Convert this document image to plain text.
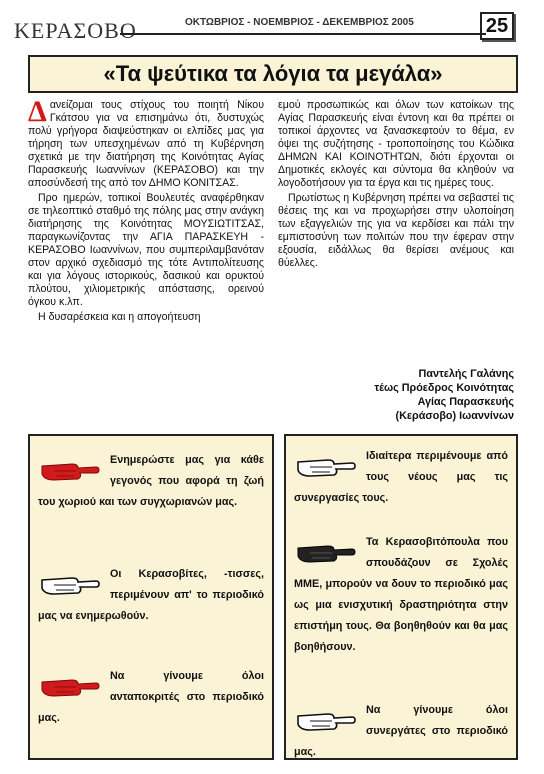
ΚΕΡΑΣΟΒΟ	ΟΚΤΩΒΡΙΟΣ - ΝΟΕΜΒΡΙΟΣ - ΔΕΚΕΜΒΡΙΟΣ 2005	25
«Τα ψεύτικα τα λόγια τα μεγάλα»

Δανείζομαι τους στίχους του ποιητή Νίκου Γκάτσου για να επισημάνω ότι, δυστυχώς πολύ γρήγορα διαψεύστηκαν οι ελπίδες μας για τήρηση των υπεσχημένων από τη Κυβέρνηση σχετικά με την διατήρηση της Κοινότητας Αγίας Παρασκευής Ιωαννίνων (ΚΕΡΑΣΟΒΟ) και την αποσύνδεσή της από τον ΔΗΜΟ ΚΟΝΙΤΣΑΣ.

Προ ημερών, τοπικοί Βουλευτές αναφέρθηκαν σε τηλεοπτικό σταθμό της πόλης μας στην ανάγκη διατήρησης της Κοινότητας ΜΟΥΣΙΩΤΙΤΣΑΣ, παραγκωνίζοντας την ΑΓΙΑ ΠΑΡΑΣΚΕΥΗ - ΚΕΡΑΣΟΒΟ Ιωαννίνων, που συμπεριλαμβανόταν στον αρχικό σχεδιασμό της τότε Αντιπολίτευσης και για λόγους ιστορικούς, δασικού και ορυκτού πλούτου, χιλιομετρικής απόστασης, ορεινού όγκου κ.λπ.

Η δυσαρέσκεια και η απογοήτευση

εμού προσωπικώς και όλων των κατοίκων της Αγίας Παρασκευής είναι έντονη και θα πρέπει οι τοπικοί άρχοντες να ξανασκεφτούν το θέμα, εν όψει της συζήτησης - τροποποίησης του Κώδικα ΔΗΜΩΝ ΚΑΙ ΚΟΙΝΟΤΗΤΩΝ, διότι έρχονται οι Δημοτικές εκλογές και σύντομα θα κληθούν να λογοδοτήσουν για τα έργα και τις ημέρες τους.

Πρωτίστως η Κυβέρνηση πρέπει να σεβαστεί τις θέσεις της και να προχωρήσει στην υλοποίηση των εξαγγελιών της για να κερδίσει και πάλι την εμπιστοσύνη των πολιτών που την έφεραν στην εξουσία, ειδάλλως θα θερίσει ανέμους και θύελλες.

Παντελής Γαλάνης
τέως Πρόεδρος Κοινότητας
Αγίας Παρασκευής
(Κεράσοβο) Ιωαννίνων
Ενημερώστε μας για κάθε γεγονός που αφορά τη ζωή του χωριού και των συγχωριανών μας.
Οι Κερασοβίτες, -τισσες, περιμένουν απ' το περιοδικό μας να ενημερωθούν.
Να γίνουμε όλοι ανταποκριτές στο περιοδικό μας.
Ιδιαίτερα περιμένουμε από τους νέους μας τις συνεργασίες τους.
Τα Κερασοβιτόπουλα που σπουδάζουν σε Σχολές ΜΜΕ, μπορούν να δουν το περιοδικό μας ως μια ενισχυτική δραστηριότητα στην επιστήμη τους. Θα βοηθηθούν και θα μας βοηθήσουν.
Να γίνουμε όλοι συνεργάτες στο περιοδικό μας.
